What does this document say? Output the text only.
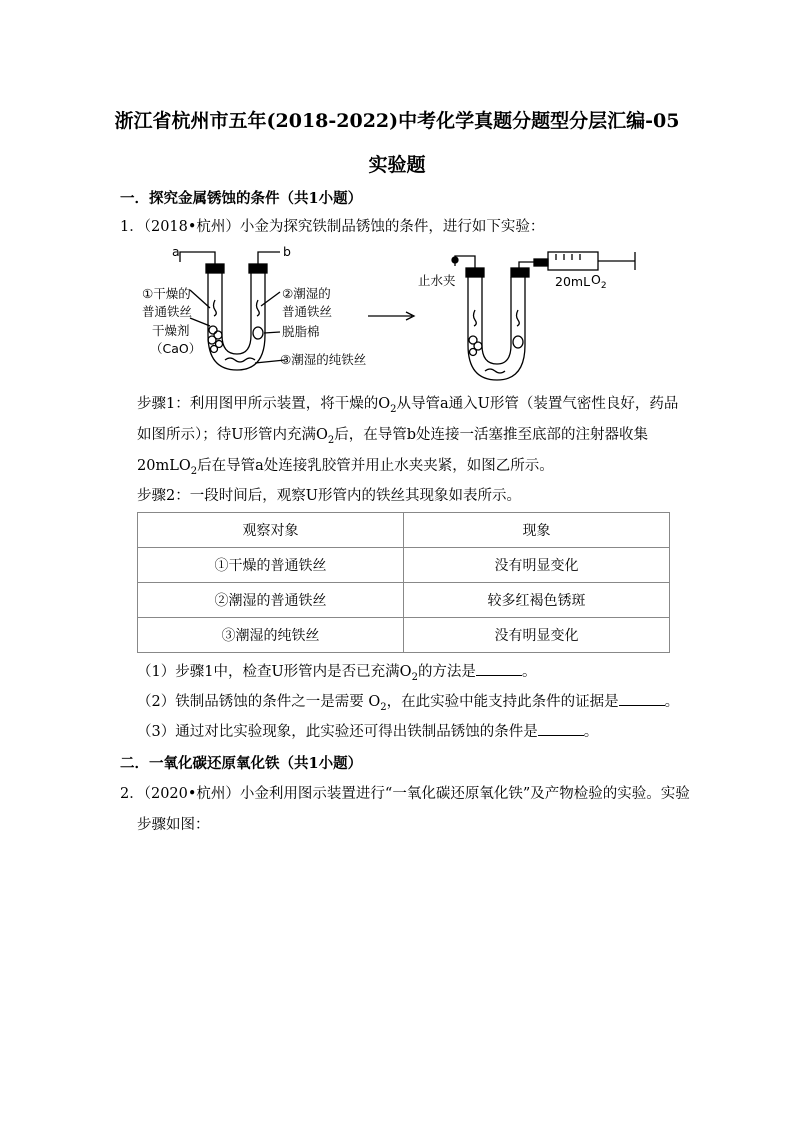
浙江省杭州市五年(2018-2022)中考化学真题分题型分层汇编-05
实验题
一．探究金属锈蚀的条件（共1小题）
1．（2018•杭州）小金为探究铁制品锈蚀的条件，进行如下实验：
a	b
①干燥的
普通铁丝
干燥剂
（CaO）
②潮湿的
普通铁丝
脱脂棉
③潮湿的纯铁丝
止水夹	20mL $O_2$
步骤1：利用图甲所示装置，将干燥的$O_2$从导管a通入U形管（装置气密性良好，药品
如图所示）；待U形管内充满$O_2$后，在导管b处连接一活塞推至底部的注射器收集
20mLO$_2$后在导管a处连接乳胶管并用止水夹夹紧，如图乙所示。
步骤2：一段时间后，观察U形管内的铁丝其现象如表所示。
观察对象	现象
①干燥的普通铁丝	没有明显变化
②潮湿的普通铁丝	较多红褐色锈斑
③潮湿的纯铁丝	没有明显变化
（1）步骤1中，检查U形管内是否已充满$O_2$的方法是	。
（2）铁制品锈蚀的条件之一是需要 $O_2$，在此实验中能支持此条件的证据是	。
（3）通过对比实验现象，此实验还可得出铁制品锈蚀的条件是	。
二．一氧化碳还原氧化铁（共1小题）
2．（2020•杭州）小金利用图示装置进行“一氧化碳还原氧化铁”及产物检验的实验。实验
步骤如图：
